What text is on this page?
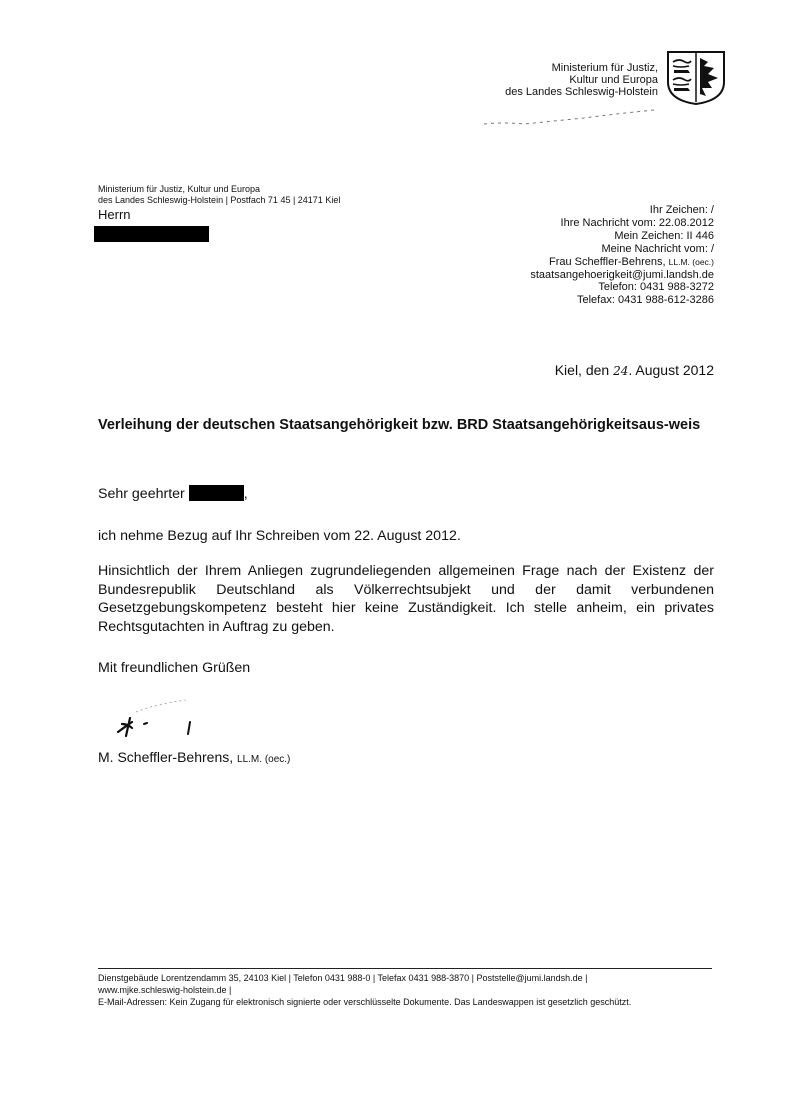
Ministerium für Justiz,
Kultur und Europa
des Landes Schleswig-Holstein
Ministerium für Justiz, Kultur und Europa
des Landes Schleswig-Holstein | Postfach 71 45 | 24171 Kiel
Herrn	Ihr Zeichen: /
Ihre Nachricht vom: 22.08.2012
Mein Zeichen: II 446
Meine Nachricht vom: /
Frau Scheffler-Behrens, LL.M. (oec.)
staatsangehoerigkeit@jumi.landsh.de
Telefon: 0431 988-3272
Telefax: 0431 988-612-3286
Kiel, den 24. August 2012
Verleihung der deutschen Staatsangehörigkeit bzw. BRD Staatsangehörigkeitsaus-weis
Sehr geehrter	,
ich nehme Bezug auf Ihr Schreiben vom 22. August 2012.
Hinsichtlich der Ihrem Anliegen zugrundeliegenden allgemeinen Frage nach der Existenz der Bundesrepublik Deutschland als Völkerrechtsubjekt und der damit verbundenen Gesetzgebungskompetenz besteht hier keine Zuständigkeit. Ich stelle anheim, ein privates Rechtsgutachten in Auftrag zu geben.
Mit freundlichen Grüßen
M. Scheffler-Behrens, LL.M. (oec.)
Dienstgebäude Lorentzendamm 35, 24103 Kiel | Telefon 0431 988-0 | Telefax 0431 988-3870 | Poststelle@jumi.landsh.de |
www.mjke.schleswig-holstein.de |
E-Mail-Adressen: Kein Zugang für elektronisch signierte oder verschlüsselte Dokumente. Das Landeswappen ist gesetzlich geschützt.
